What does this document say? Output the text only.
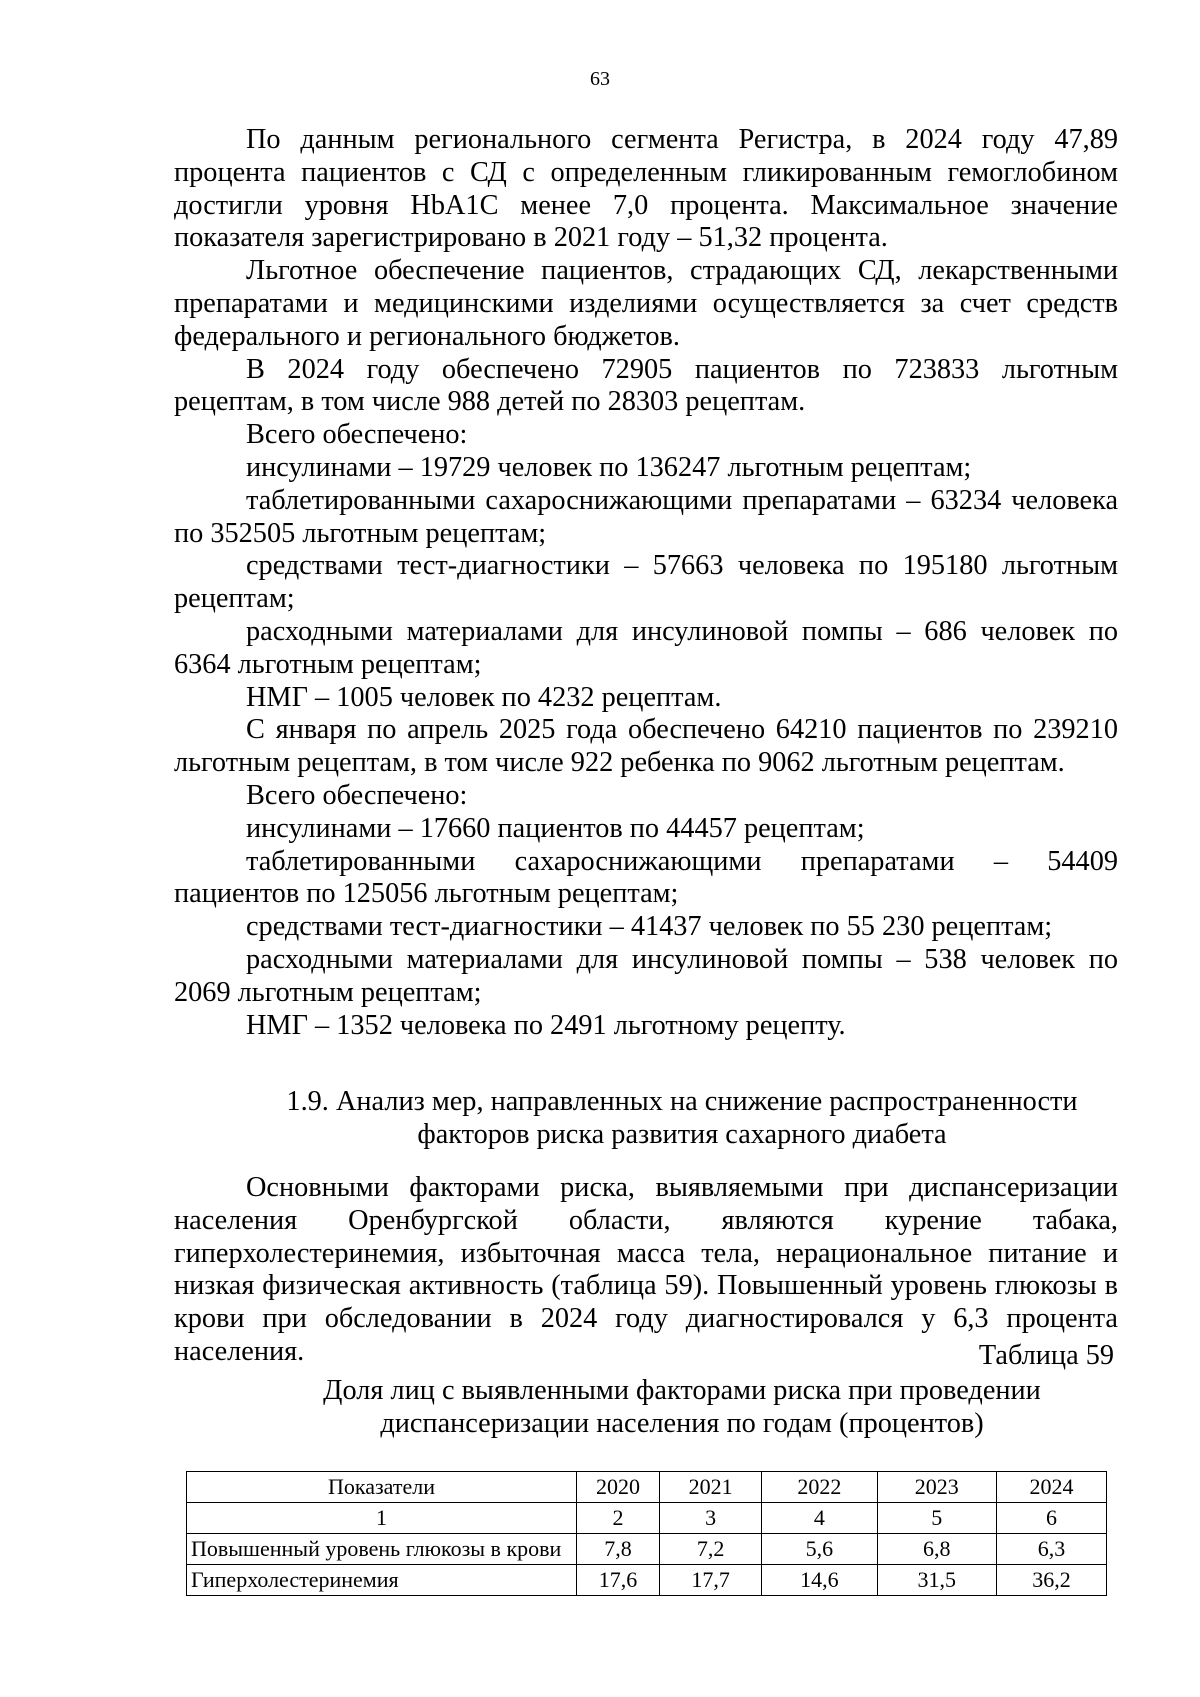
63

По данным регионального сегмента Регистра, в 2024 году 47,89 процента пациентов с СД с определенным гликированным гемоглобином достигли уровня HbA1C менее 7,0 процента. Максимальное значение показателя зарегистрировано в 2021 году – 51,32 процента.

Льготное обеспечение пациентов, страдающих СД, лекарственными препаратами и медицинскими изделиями осуществляется за счет средств федерального и регионального бюджетов.

В 2024 году обеспечено 72905 пациентов по 723833 льготным рецептам, в том числе 988 детей по 28303 рецептам.

Всего обеспечено:

инсулинами – 19729 человек по 136247 льготным рецептам;

таблетированными сахароснижающими препаратами – 63234 человека по 352505 льготным рецептам;

средствами тест-диагностики – 57663 человека по 195180 льготным рецептам;

расходными материалами для инсулиновой помпы – 686 человек по 6364 льготным рецептам;

НМГ – 1005 человек по 4232 рецептам.

С января по апрель 2025 года обеспечено 64210 пациентов по 239210 льготным рецептам, в том числе 922 ребенка по 9062 льготным рецептам.

Всего обеспечено:

инсулинами – 17660 пациентов по 44457 рецептам;

таблетированными сахароснижающими препаратами – 54409 пациентов по 125056 льготным рецептам;

средствами тест-диагностики – 41437 человек по 55 230 рецептам;

расходными материалами для инсулиновой помпы – 538 человек по 2069 льготным рецептам;

НМГ – 1352 человека по 2491 льготному рецепту.

1.9. Анализ мер, направленных на снижение распространенности
факторов риска развития сахарного диабета

Основными факторами риска, выявляемыми при диспансеризации населения Оренбургской области, являются курение табака, гиперхолестеринемия, избыточная масса тела, нерациональное питание и низкая физическая активность (таблица 59). Повышенный уровень глюкозы в крови при обследовании в 2024 году диагностировался у 6,3 процента населения.	Таблица 59
Доля лиц с выявленными факторами риска при проведении
диспансеризации населения по годам (процентов)
Показатели	2020	2021	2022	2023	2024
1	2	3	4	5	6
Повышенный уровень глюкозы в крови	7,8	7,2	5,6	6,8	6,3
Гиперхолестеринемия	17,6	17,7	14,6	31,5	36,2
